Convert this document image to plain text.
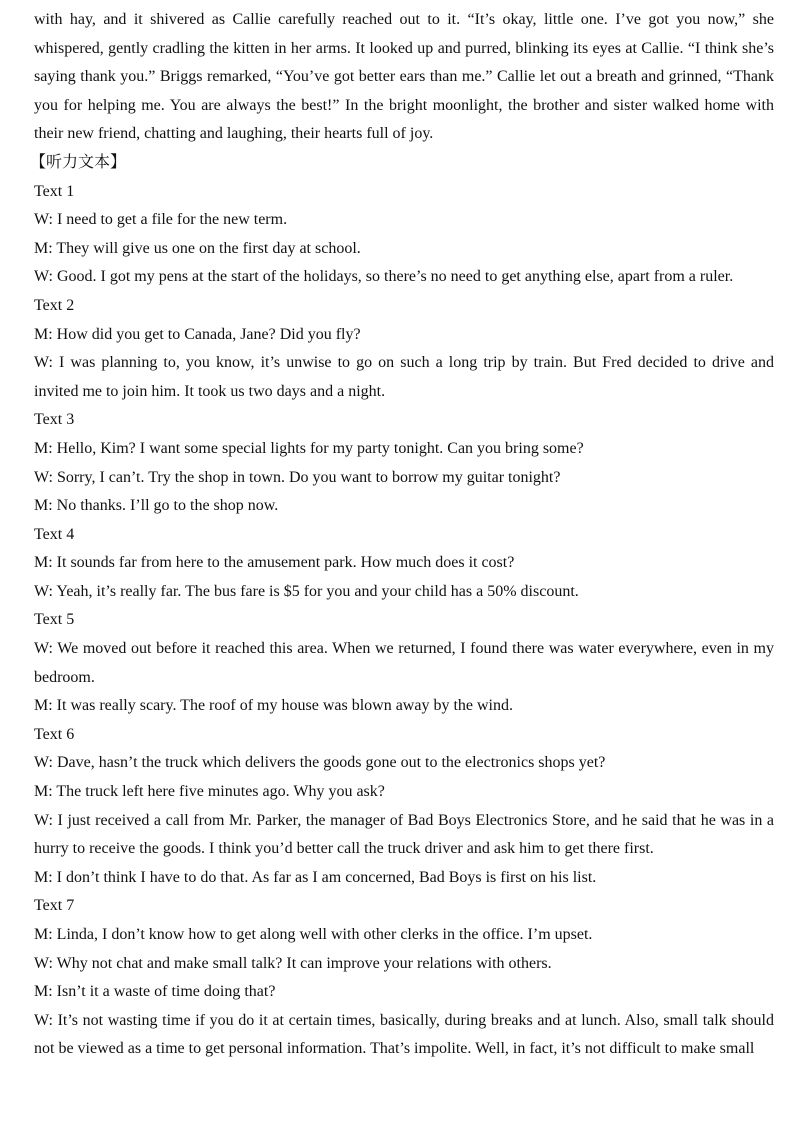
with hay, and it shivered as Callie carefully reached out to it. “It’s okay, little one. I’ve got you now,” she whispered, gently cradling the kitten in her arms. It looked up and purred, blinking its eyes at Callie. “I think she’s saying thank you.” Briggs remarked, “You’ve got better ears than me.” Callie let out a breath and grinned, “Thank you for helping me. You are always the best!” In the bright moonlight, the brother and sister walked home with their new friend, chatting and laughing, their hearts full of joy.

【听力文本】

Text 1

W: I need to get a file for the new term.

M: They will give us one on the first day at school.

W: Good. I got my pens at the start of the holidays, so there’s no need to get anything else, apart from a ruler.

Text 2

M: How did you get to Canada, Jane? Did you fly?

W: I was planning to, you know, it’s unwise to go on such a long trip by train. But Fred decided to drive and invited me to join him. It took us two days and a night.

Text 3

M: Hello, Kim? I want some special lights for my party tonight. Can you bring some?

W: Sorry, I can’t. Try the shop in town. Do you want to borrow my guitar tonight?

M: No thanks. I’ll go to the shop now.

Text 4

M: It sounds far from here to the amusement park. How much does it cost?

W: Yeah, it’s really far. The bus fare is $5 for you and your child has a 50% discount.

Text 5

W: We moved out before it reached this area. When we returned, I found there was water everywhere, even in my bedroom.

M: It was really scary. The roof of my house was blown away by the wind.

Text 6

W: Dave, hasn’t the truck which delivers the goods gone out to the electronics shops yet?

M: The truck left here five minutes ago. Why you ask?

W: I just received a call from Mr. Parker, the manager of Bad Boys Electronics Store, and he said that he was in a hurry to receive the goods. I think you’d better call the truck driver and ask him to get there first.

M: I don’t think I have to do that. As far as I am concerned, Bad Boys is first on his list.

Text 7

M: Linda, I don’t know how to get along well with other clerks in the office. I’m upset.

W: Why not chat and make small talk? It can improve your relations with others.

M: Isn’t it a waste of time doing that?

W: It’s not wasting time if you do it at certain times, basically, during breaks and at lunch. Also, small talk should not be viewed as a time to get personal information. That’s impolite. Well, in fact, it’s not difficult to make small
